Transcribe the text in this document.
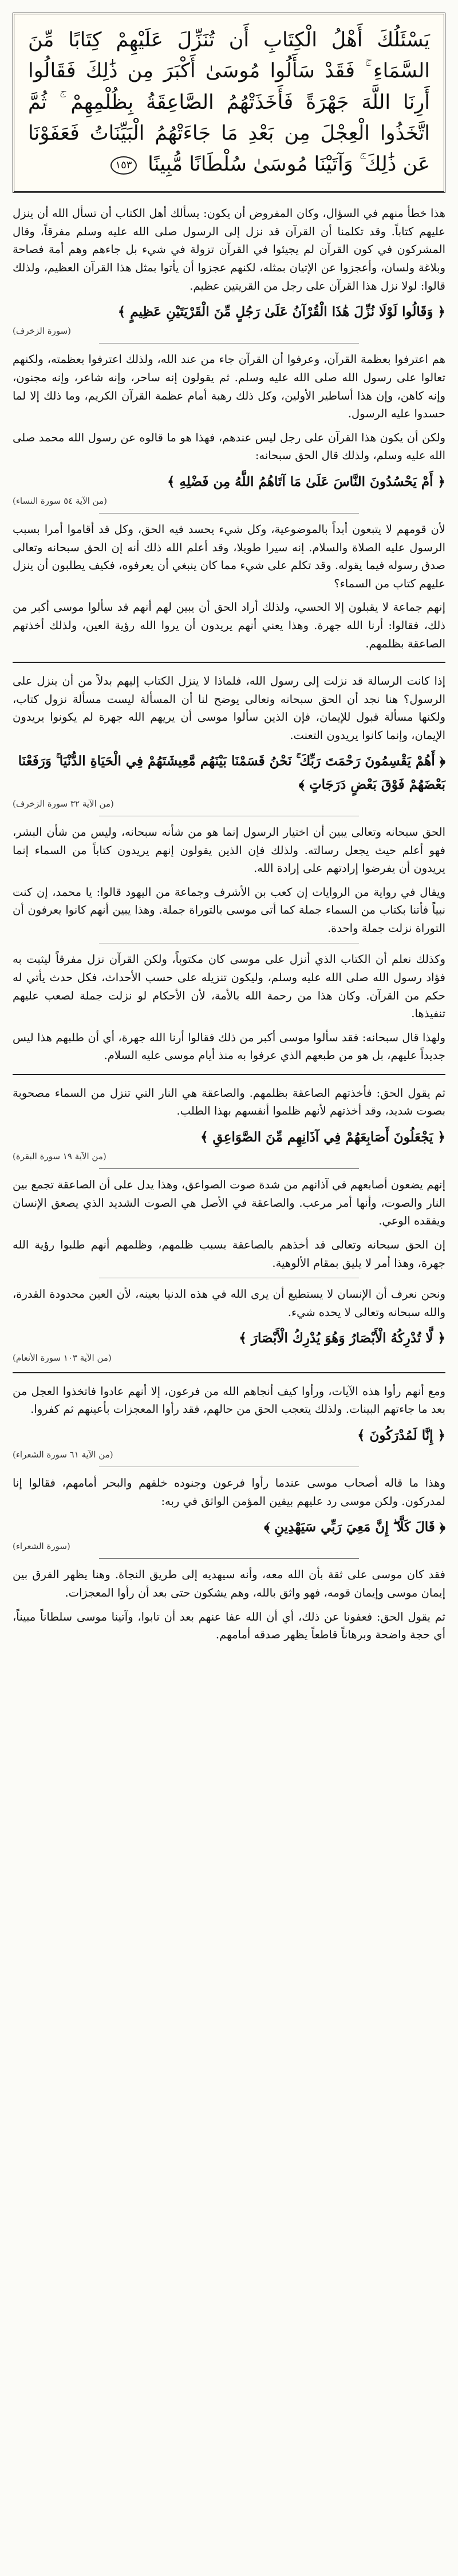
يَسْئَلُكَ أَهْلُ الْكِتَابِ أَن تُنَزِّلَ عَلَيْهِمْ كِتَابًا مِّنَ السَّمَاءِ ۚ فَقَدْ سَأَلُوا مُوسَىٰ أَكْبَرَ مِن ذَٰلِكَ فَقَالُوا أَرِنَا اللَّهَ جَهْرَةً فَأَخَذَتْهُمُ الصَّاعِقَةُ بِظُلْمِهِمْ ۚ ثُمَّ اتَّخَذُوا الْعِجْلَ مِن بَعْدِ مَا جَاءَتْهُمُ الْبَيِّنَاتُ فَعَفَوْنَا عَن ذَٰلِكَ ۚ وَآتَيْنَا مُوسَىٰ سُلْطَانًا مُّبِينًا ١٥٣

هذا خطأ منهم في السؤال، وكان المفروض أن يكون: يسألك أهل الكتاب أن تسأل الله أن ينزل عليهم كتاباً. وقد تكلمنا أن القرآن قد نزل إلى الرسول صلى الله عليه وسلم مفرقاً، وقال المشركون في كون القرآن لم يجيئوا في القرآن تزولة في شيء بل جاءهم وهم أمة فصاحة وبلاغة ولسان، وأعجزوا عن الإتيان بمثله، لكنهم عجزوا أن يأتوا بمثل هذا القرآن العظيم، ولذلك قالوا: لولا نزل هذا القرآن على رجل من القريتين عظيم.

﴿ وَقَالُوا لَوْلَا نُزِّلَ هَٰذَا الْقُرْآنُ عَلَىٰ رَجُلٍ مِّنَ الْقَرْيَتَيْنِ عَظِيمٍ ﴾
(سورة الزخرف)

هم اعترفوا بعظمة القرآن، وعرفوا أن القرآن جاء من عند الله، ولذلك اعترفوا بعظمته، ولكنهم تعالوا على رسول الله صلى الله عليه وسلم. ثم يقولون إنه ساحر، وإنه شاعر، وإنه مجنون، وإنه كاهن، وإن هذا أساطير الأولين، وكل ذلك رهبة أمام عظمة القرآن الكريم، وما ذلك إلا لما حسدوا عليه الرسول.

ولكن أن يكون هذا القرآن على رجل ليس عندهم، فهذا هو ما قالوه عن رسول الله محمد صلى الله عليه وسلم، ولذلك قال الحق سبحانه:

﴿ أَمْ يَحْسُدُونَ النَّاسَ عَلَىٰ مَا آتَاهُمُ اللَّهُ مِن فَضْلِهِ ﴾
(من الآية ٥٤ سورة النساء)

لأن قومهم لا يتبعون أبداً بالموضوعية، وكل شيء يحسد فيه الحق، وكل قد أقاموا أمرا بسبب الرسول عليه الصلاة والسلام. إنه سيرا طويلا، وقد أعلم الله ذلك أنه إن الحق سبحانه وتعالى صدق رسوله فيما يقوله. وقد تكلم على شيء مما كان ينبغي أن يعرفوه، فكيف يطلبون أن ينزل عليهم كتاب من السماء؟

إنهم جماعة لا يقبلون إلا الحسي، ولذلك أراد الحق أن يبين لهم أنهم قد سألوا موسى أكبر من ذلك، فقالوا: أرنا الله جهرة. وهذا يعني أنهم يريدون أن يروا الله رؤية العين، ولذلك أخذتهم الصاعقة بظلمهم.

إذا كانت الرسالة قد نزلت إلى رسول الله، فلماذا لا ينزل الكتاب إليهم بدلاً من أن ينزل على الرسول؟ هنا نجد أن الحق سبحانه وتعالى يوضح لنا أن المسألة ليست مسألة نزول كتاب، ولكنها مسألة قبول للإيمان، فإن الذين سألوا موسى أن يريهم الله جهرة لم يكونوا يريدون الإيمان، وإنما كانوا يريدون التعنت.

﴿ أَهُمْ يَقْسِمُونَ رَحْمَتَ رَبِّكَ ۚ نَحْنُ قَسَمْنَا بَيْنَهُم مَّعِيشَتَهُمْ فِي الْحَيَاةِ الدُّنْيَا ۚ وَرَفَعْنَا بَعْضَهُمْ فَوْقَ بَعْضٍ دَرَجَاتٍ ﴾
(من الآية ٣٢ سورة الزخرف)

الحق سبحانه وتعالى يبين أن اختيار الرسول إنما هو من شأنه سبحانه، وليس من شأن البشر، فهو أعلم حيث يجعل رسالته. ولذلك فإن الذين يقولون إنهم يريدون كتاباً من السماء إنما يريدون أن يفرضوا إرادتهم على إرادة الله.

ويقال في رواية من الروايات إن كعب بن الأشرف وجماعة من اليهود قالوا: يا محمد، إن كنت نبياً فأتنا بكتاب من السماء جملة كما أتى موسى بالتوراة جملة. وهذا يبين أنهم كانوا يعرفون أن التوراة نزلت جملة واحدة.

وكذلك نعلم أن الكتاب الذي أنزل على موسى كان مكتوباً، ولكن القرآن نزل مفرقاً ليثبت به فؤاد رسول الله صلى الله عليه وسلم، وليكون تنزيله على حسب الأحداث، فكل حدث يأتي له حكم من القرآن. وكان هذا من رحمة الله بالأمة، لأن الأحكام لو نزلت جملة لصعب عليهم تنفيذها.

ولهذا قال سبحانه: فقد سألوا موسى أكبر من ذلك فقالوا أرنا الله جهرة، أي أن طلبهم هذا ليس جديداً عليهم، بل هو من طبعهم الذي عرفوا به منذ أيام موسى عليه السلام.

ثم يقول الحق: فأخذتهم الصاعقة بظلمهم. والصاعقة هي النار التي تنزل من السماء مصحوبة بصوت شديد، وقد أخذتهم لأنهم ظلموا أنفسهم بهذا الطلب.

﴿ يَجْعَلُونَ أَصَابِعَهُمْ فِي آذَانِهِم مِّنَ الصَّوَاعِقِ ﴾
(من الآية ١٩ سورة البقرة)

إنهم يضعون أصابعهم في آذانهم من شدة صوت الصواعق، وهذا يدل على أن الصاعقة تجمع بين النار والصوت، وأنها أمر مرعب. والصاعقة في الأصل هي الصوت الشديد الذي يصعق الإنسان ويفقده الوعي.

إن الحق سبحانه وتعالى قد أخذهم بالصاعقة بسبب ظلمهم، وظلمهم أنهم طلبوا رؤية الله جهرة، وهذا أمر لا يليق بمقام الألوهية.

ونحن نعرف أن الإنسان لا يستطيع أن يرى الله في هذه الدنيا بعينه، لأن العين محدودة القدرة، والله سبحانه وتعالى لا يحده شيء.

﴿ لَّا تُدْرِكُهُ الْأَبْصَارُ وَهُوَ يُدْرِكُ الْأَبْصَارَ ﴾
(من الآية ١٠٣ سورة الأنعام)

ومع أنهم رأوا هذه الآيات، ورأوا كيف أنجاهم الله من فرعون، إلا أنهم عادوا فاتخذوا العجل من بعد ما جاءتهم البينات. ولذلك يتعجب الحق من حالهم، فقد رأوا المعجزات بأعينهم ثم كفروا.

﴿ إِنَّا لَمُدْرَكُونَ ﴾
(من الآية ٦١ سورة الشعراء)

وهذا ما قاله أصحاب موسى عندما رأوا فرعون وجنوده خلفهم والبحر أمامهم، فقالوا إنا لمدركون. ولكن موسى رد عليهم بيقين المؤمن الواثق في ربه:

﴿ قَالَ كَلَّا ۖ إِنَّ مَعِيَ رَبِّي سَيَهْدِينِ ﴾
(سورة الشعراء)

فقد كان موسى على ثقة بأن الله معه، وأنه سيهديه إلى طريق النجاة. وهنا يظهر الفرق بين إيمان موسى وإيمان قومه، فهو واثق بالله، وهم يشكون حتى بعد أن رأوا المعجزات.

ثم يقول الحق: فعفونا عن ذلك، أي أن الله عفا عنهم بعد أن تابوا، وآتينا موسى سلطاناً مبيناً، أي حجة واضحة وبرهاناً قاطعاً يظهر صدقه أمامهم.
